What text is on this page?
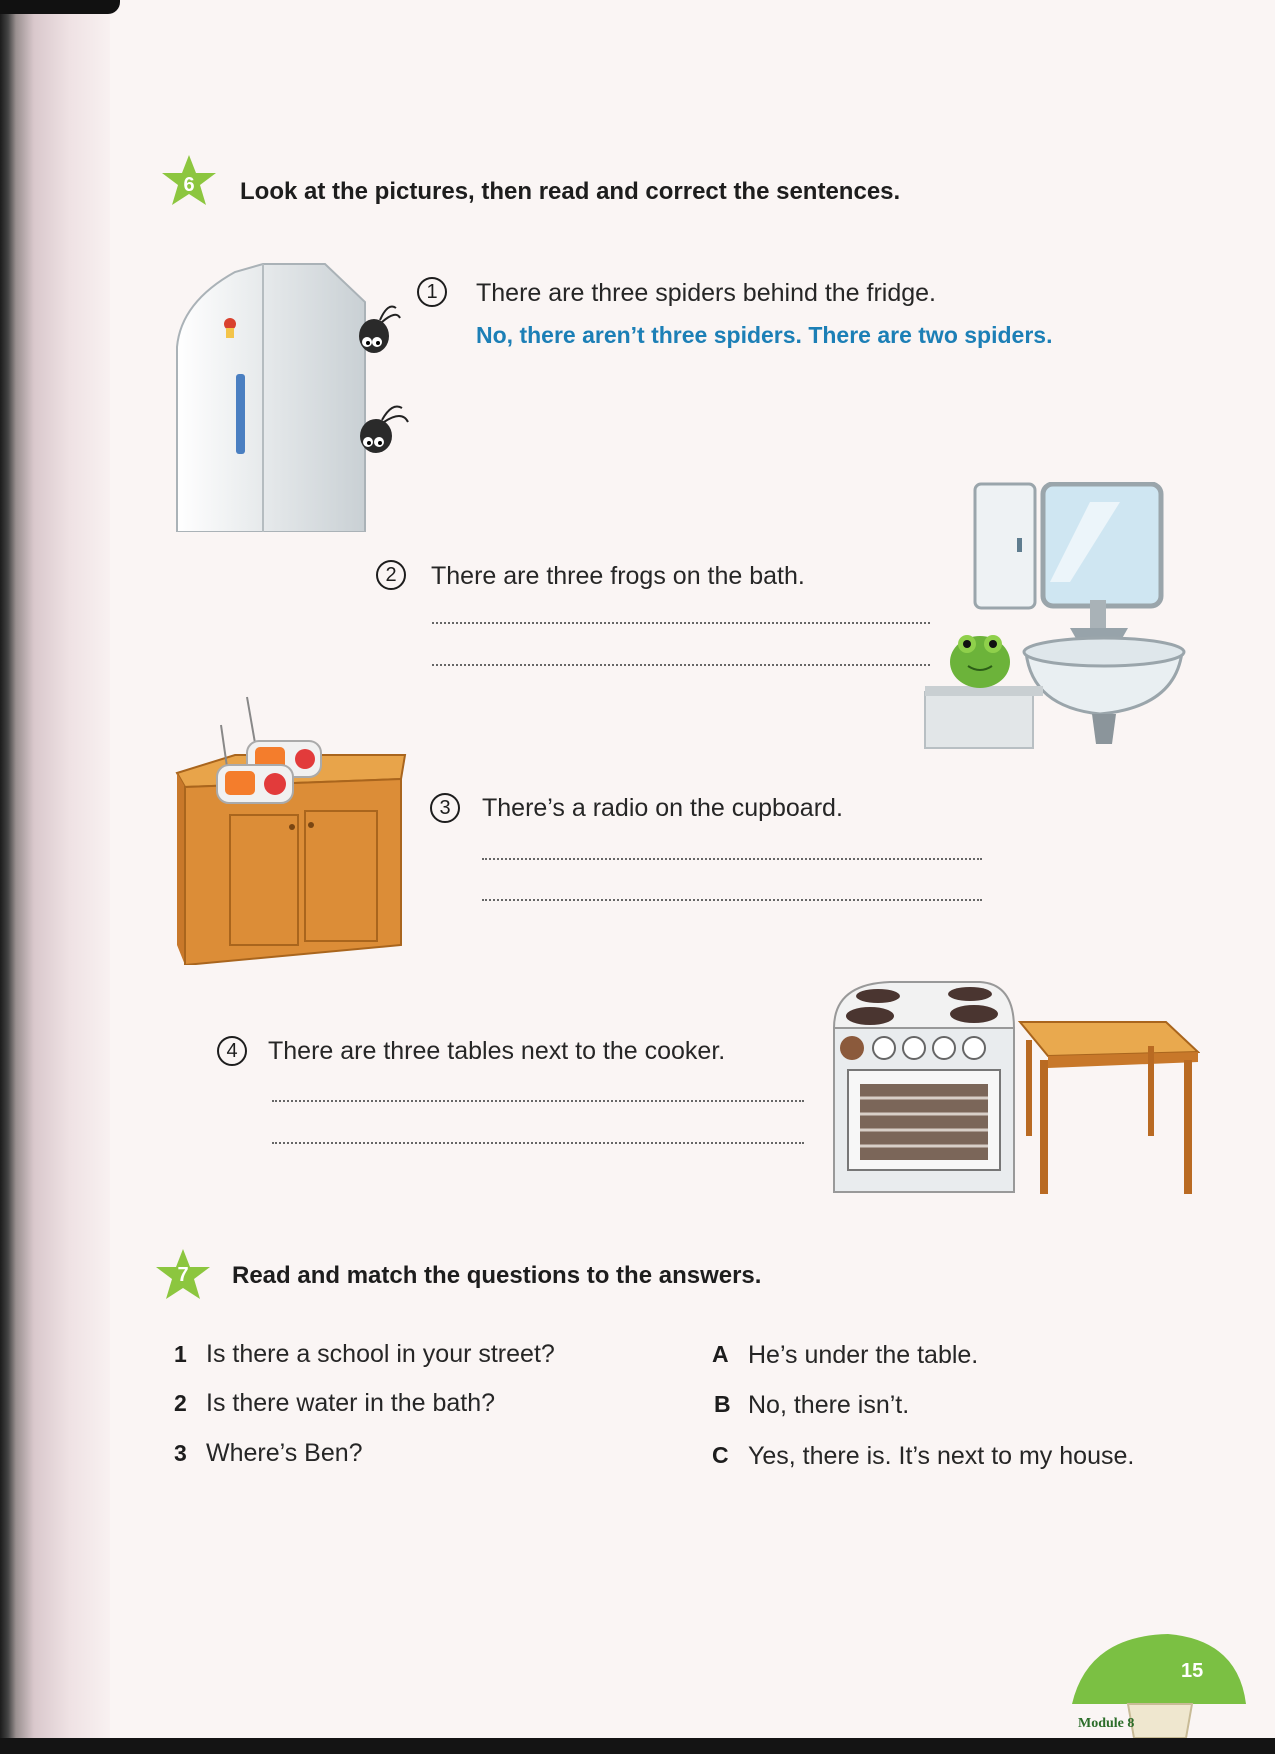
6	Look at the pictures, then read and correct the sentences.
1	There are three spiders behind the fridge.
No, there aren’t three spiders. There are two spiders.
2	There are three frogs on the bath.
3	There’s a radio on the cupboard.
4	There are three tables next to the cooker.
7	Read and match the questions to the answers.
1 Is there a school in your street?
2 Is there water in the bath?
3 Where’s Ben?
A He’s under the table.
B No, there isn’t.
C Yes, there is. It’s next to my house.
15
Module 8
